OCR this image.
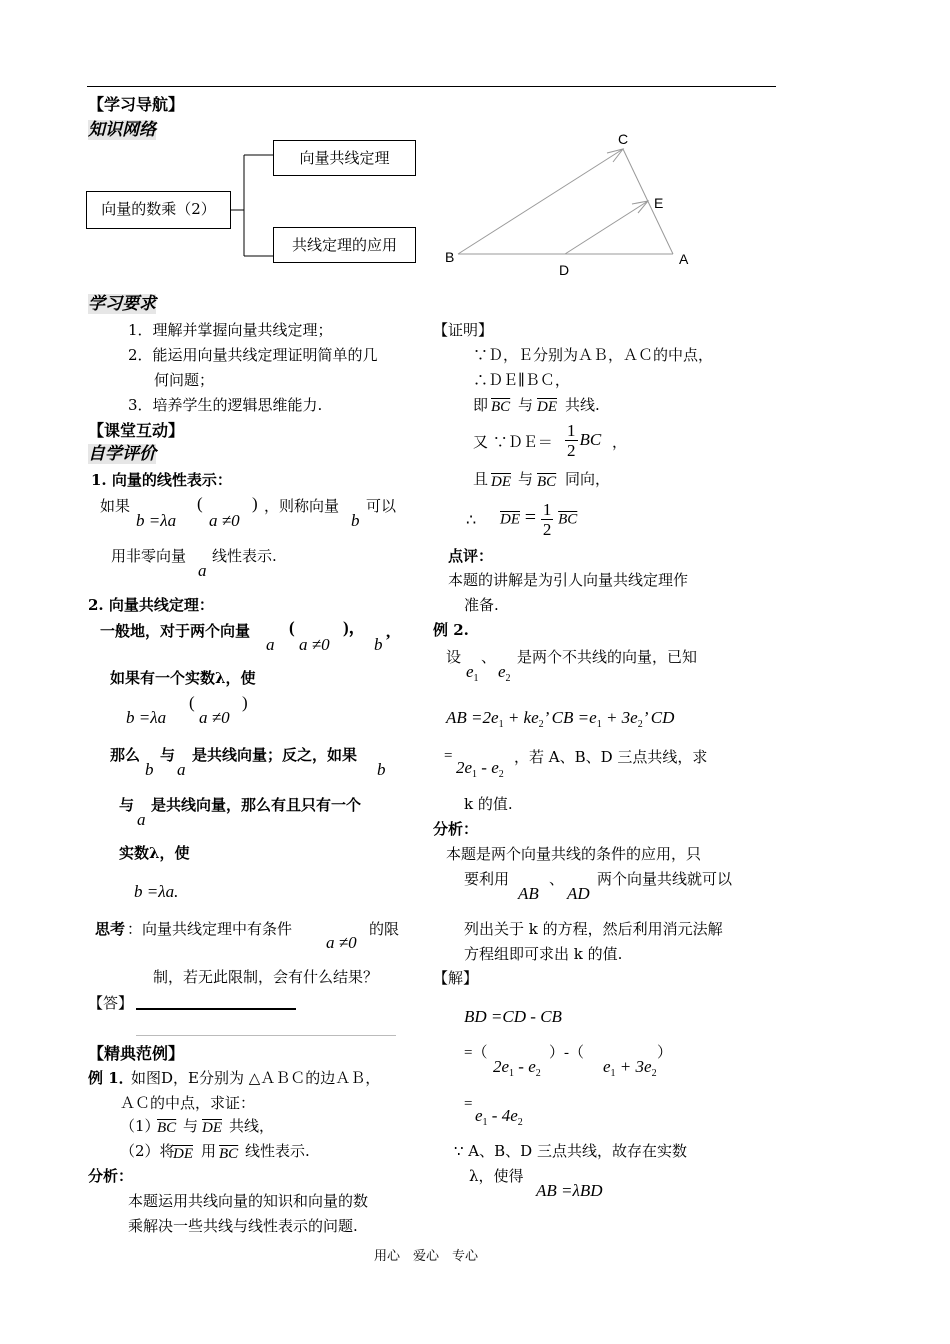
【学习导航】
知识网络
向量的数乘（2）
向量共线定理
共线定理的应用
C
E
B
D
A
学习要求
1．理解并掌握向量共线定理；
2．能运用向量共线定理证明简单的几
何问题；
3．培养学生的逻辑思维能力.
【课堂互动】
自学评价
1. 向量的线性表示：
如果
b =λa
(
a ≠0
) ，则称向量
b
可以
用非零向量
a
线性表示.
2. 向量共线定理：
一般地，对于两个向量
a
(
a ≠0
)，
b
,
如果有一个实数λ，使
b =λa
(
a ≠0
)
那么
b
与
a
是共线向量；反之，如果
b
与
a
是共线向量，那么有且只有一个
实数λ，使
b =λa.
思考 ：向量共线定理中有条件
a ≠0
的限
制，若无此限制，会有什么结果？
【答】
【精典范例】
例 1．
如图D，E分别为 △ＡＢＣ的边ＡＢ，
ＡＣ的中点，求证：
（1）
$\overline{BC}$ 与 $\overline{DE}$ 共线，
（2）将
$\overline{DE}$ 用 $\overline{BC}$ 线性表示.
分析：
本题运用共线向量的知识和向量的数
乘解决一些共线与线性表示的问题.
【证明】
∵Ｄ，Ｅ分别为ＡＢ，ＡＣ的中点，
∴ＤＥ∥ＢＣ，
即 $\overline{BC}$ 与 $\overline{DE}$ 共线.
又 ∵ＤＥ＝ $\frac{1}{2}$ BC ，
且 $\overline{DE}$ 与 $\overline{BC}$ 同向，
∴ $\overline{DE} = \frac{1}{2} \overline{BC}$
点评：
本题的讲解是为引人向量共线定理作
准备.
例 2.
设
$e_1$
、
$e_2$
是两个不共线的向量，已知
AB $=2e_1 + ke_2$’ CB $=e_1 + 3e_2$’ CD
=
$2e_1 - e_2$
，若 A、B、D 三点共线，求
k 的值.
分析：
本题是两个向量共线的条件的应用，只
要利用
AB
、
AD
两个向量共线就可以
列出关于 k 的方程，然后利用消元法解
方程组即可求出 k 的值.
【解】
BD =CD - CB
=（
$2e_1 - e_2$
）-（
$e_1 + 3e_2$
）
=
$e_1 - 4e_2$
∵ A、B、D 三点共线，故存在实数
λ，使得
AB =λBD
用心　爱心　专心
